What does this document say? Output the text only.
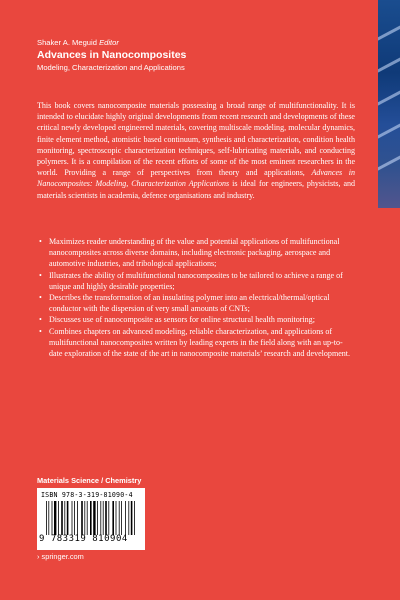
Shaker A. Meguid Editor
Advances in Nanocomposites
Modeling, Characterization and Applications

This book covers nanocomposite materials possessing a broad range of multifunctionality. It is intended to elucidate highly original developments from recent research and developments of these critical newly developed engineered materials, covering multiscale modeling, molecular dynamics, finite element method, atomistic based continuum, synthesis and characterization, condition health monitoring, spectroscopic characterization techniques, self-lubricating materials, and conducting polymers. It is a compilation of the recent efforts of some of the most eminent researchers in the world. Providing a range of perspectives from theory and applications, Advances in Nanocomposites: Modeling, Characterization Applications is ideal for engineers, physicists, and materials scientists in academia, defence organisations and industry.

• Maximizes reader understanding of the value and potential applications of multifunctional nanocomposites across diverse domains, including electronic packaging, aerospace and automotive industries, and tribological applications;
• Illustrates the ability of multifunctional nanocomposites to be tailored to achieve a range of unique and highly desirable properties;
• Describes the transformation of an insulating polymer into an electrical/thermal/optical conductor with the dispersion of very small amounts of CNTs;
• Discusses use of nanocomposite as sensors for online structural health monitoring;
• Combines chapters on advanced modeling, reliable characterization, and applications of multifunctional nanocomposites written by leading experts in the field along with an up-to-date exploration of the state of the art in nanocomposite materials’ research and development.
Materials Science / Chemistry
ISBN 978-3-319-81090-4
9 783319 810904
› springer.com
